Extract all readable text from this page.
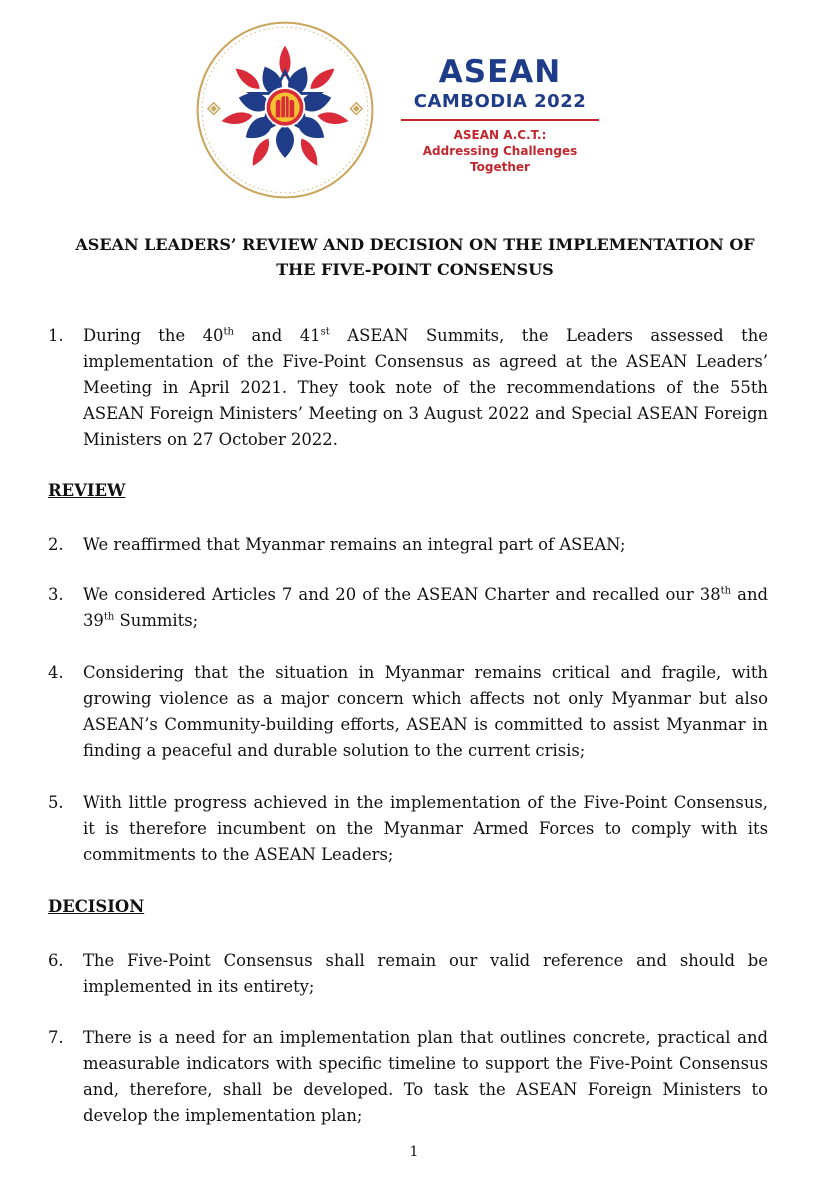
ASEAN
CAMBODIA 2022
ASEAN A.C.T.:
Addressing Challenges Together
ASEAN LEADERS’ REVIEW AND DECISION ON THE IMPLEMENTATION OF
THE FIVE-POINT CONSENSUS
1. During the 40th and 41st ASEAN Summits, the Leaders assessed the
implementation of the Five-Point Consensus as agreed at the ASEAN Leaders’ Meeting in April 2021. They took note of the recommendations of the 55th ASEAN Foreign Ministers’ Meeting on 3 August 2022 and Special ASEAN Foreign Ministers on 27 October 2022.
REVIEW
2. We reaffirmed that Myanmar remains an integral part of ASEAN;
3. We considered Articles 7 and 20 of the ASEAN Charter and recalled our 38th and 39th Summits;
4. Considering that the situation in Myanmar remains critical and fragile, with growing violence as a major concern which affects not only Myanmar but also ASEAN’s Community-building efforts, ASEAN is committed to assist Myanmar in finding a peaceful and durable solution to the current crisis;
5. With little progress achieved in the implementation of the Five-Point Consensus, it is therefore incumbent on the Myanmar Armed Forces to comply with its commitments to the ASEAN Leaders;
DECISION
6. The Five-Point Consensus shall remain our valid reference and should be implemented in its entirety;
7. There is a need for an implementation plan that outlines concrete, practical and measurable indicators with specific timeline to support the Five-Point Consensus and, therefore, shall be developed. To task the ASEAN Foreign Ministers to develop the implementation plan;
1
